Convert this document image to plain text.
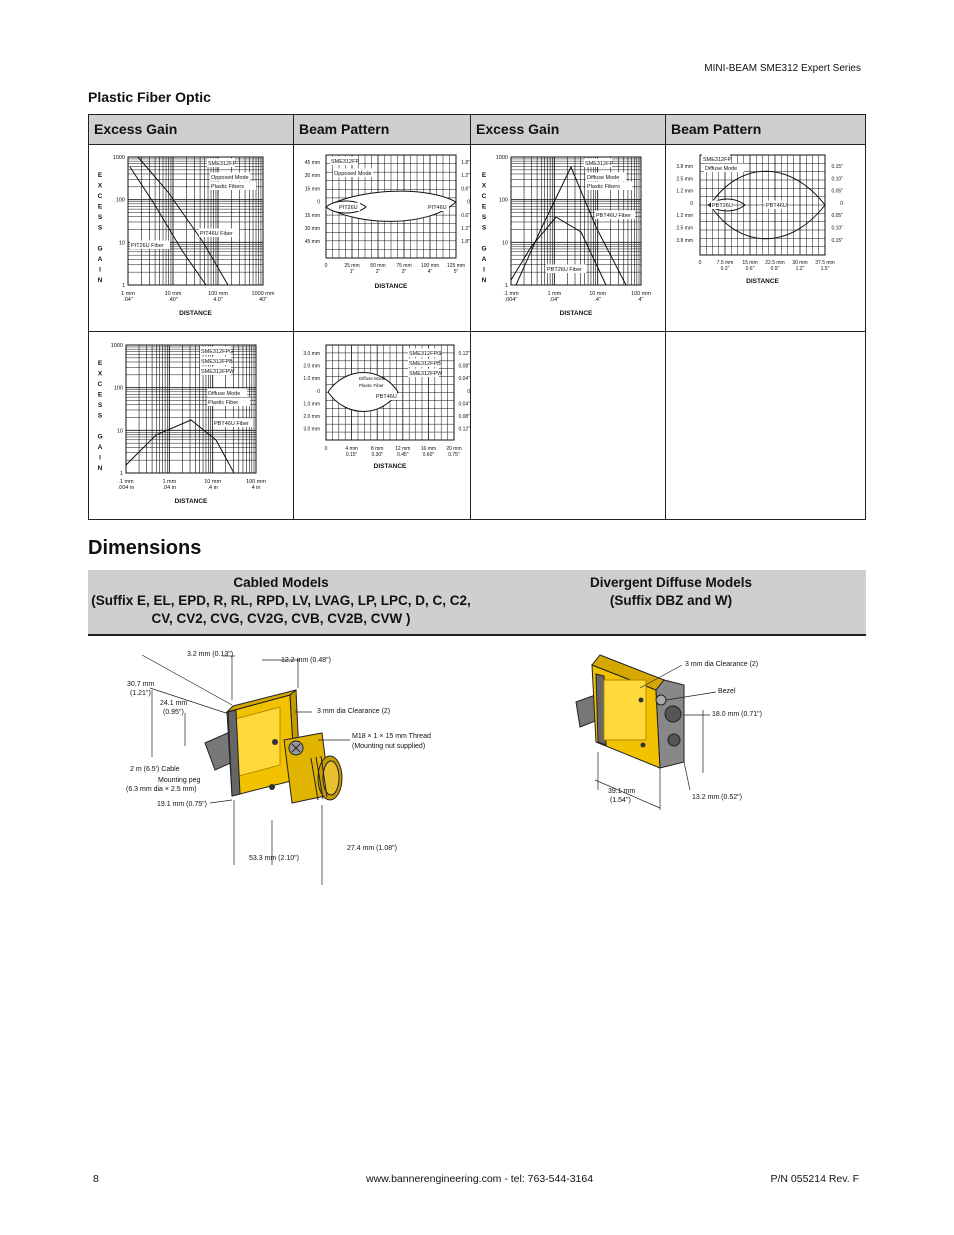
MINI-BEAM SME312 Expert Series
Plastic Fiber Optic
Excess Gain	Beam Pattern	Excess Gain	Beam Pattern
1000
100
10
1
E
X
C
E
S
S
G
A
I
N
1 mm
.04"
10 mm
.40"
100 mm
4.0"
1000 mm
40"
DISTANCE
SME312FP
Opposed Mode
Plastic Fibers
PIT46U Fiber
PIT26U Fiber
45 mm
30 mm
15 mm
0
15 mm
30 mm
45 mm
1.8"
1.2"
0.6"
0
0.6"
1.2"
1.8"
0	25 mm
1"
50 mm
2"
75 mm
3"
100 mm
4"
125 mm
5"
DISTANCE
SME312FP
Opposed Mode
PIT26U	PIT46U
1000
100
10
1
E
X
C
E
S
S
G
A
I
N
.1 mm
.004"
1 mm
.04"
10 mm
.4"
100 mm
4"
DISTANCE
SME312FP
Diffuse Mode
Plastic Fibers
PBT46U Fiber
PBT26U Fiber
3.8 mm
2.5 mm
1.2 mm
0
1.2 mm
2.5 mm
3.8 mm
0.15"
0.10"
0.05"
0
0.05"
0.10"
0.15"
0	7.5 mm
0.3"
15 mm
0.6"
22.5 mm
0.9"
30 mm
1.2"
37.5 mm
1.5"
DISTANCE
SME312FP
Diffuse Mode
PBT26U	PBT46U
1000
100
10
1
E
X
C
E
S
S
G
A
I
N
.1 mm
.004 in
1 mm
.04 in
10 mm
.4 in
100 mm
4 in
DISTANCE
SME312FPG
SME312FPB
SME312FPW
Diffuse Mode
Plastic Fiber
PBT46U Fiber
3.0 mm
2.0 mm
1.0 mm
0
1.0 mm
2.0 mm
3.0 mm
0.12"
0.08"
0.04"
0
0.04"
0.08"
0.12"
0	4 mm
0.15"
8 mm
0.30"
12 mm
0.45"
16 mm
0.60"
20 mm
0.75"
DISTANCE
SME312FPG
SME312FPB
SME312FPW
Diffuse Mode
Plastic Fiber
PBT46U
Dimensions
Cabled Models
(Suffix E, EL, EPD, R, RL, RPD, LV, LVAG, LP, LPC, D, C, C2,
CV, CV2, CVG, CV2G, CVB, CV2B, CVW )
Divergent Diffuse Models
(Suffix DBZ and W)
3.2 mm (0.13")
12.2 mm (0.48")
30.7 mm
(1.21")
24.1 mm
(0.95")	3 mm dia Clearance (2)
M18 × 1 × 15 mm Thread
(Mounting nut supplied)
2 m (6.5') Cable
Mounting peg
(6.3 mm dia × 2.5 mm)
19.1 mm (0.75")
27.4 mm (1.08")
53.3 mm (2.10")
3 mm dia Clearance (2)
Bezel
18.0 mm (0.71")
39.1 mm
(1.54")	13.2 mm (0.52")
8	www.bannerengineering.com - tel: 763-544-3164	P/N 055214 Rev. F
